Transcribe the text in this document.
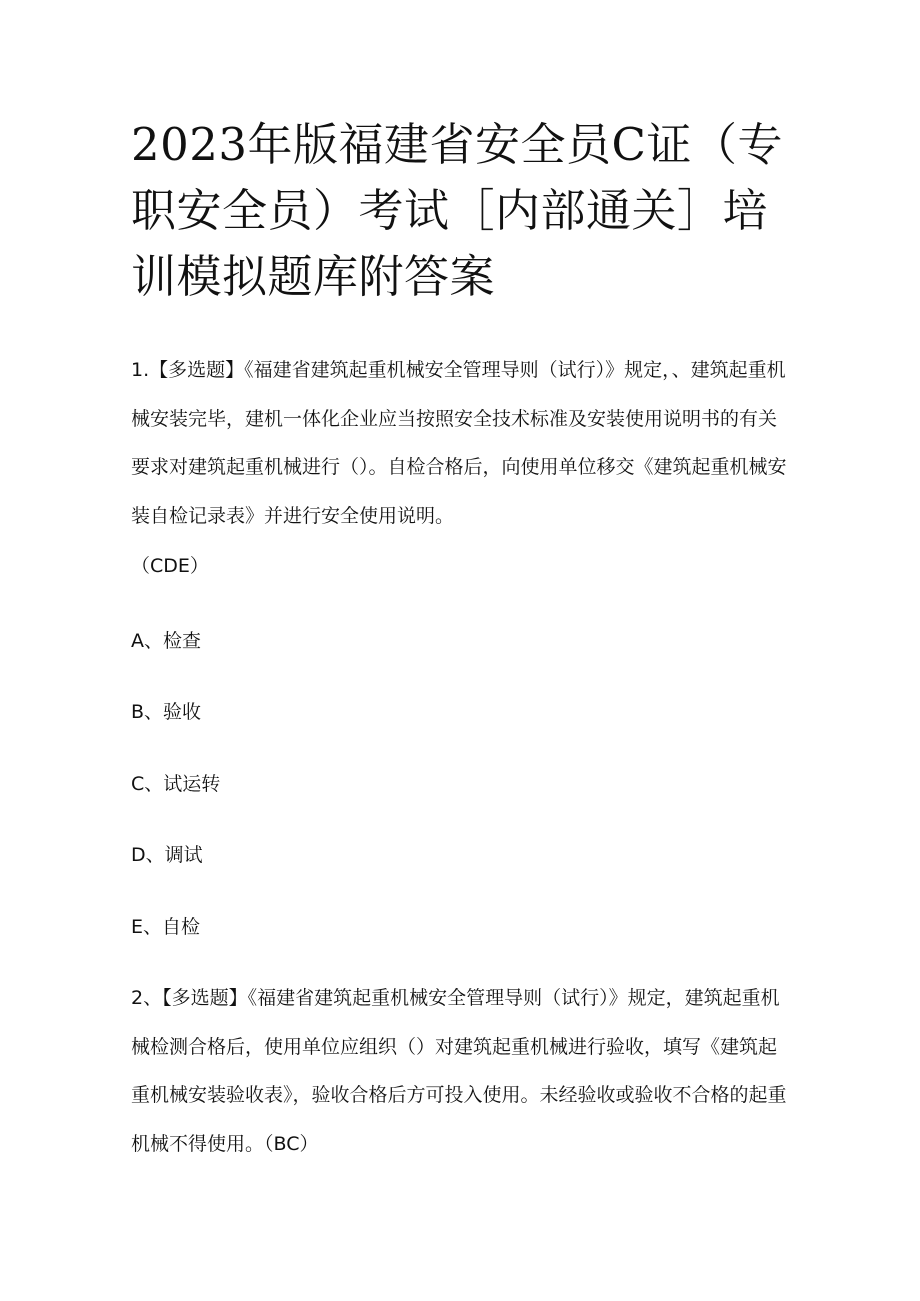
2023年版福建省安全员C证（专职安全员）考试［内部通关］培训模拟题库附答案

1.【多选题】《福建省建筑起重机械安全管理导则（试行）》规定，、建筑起重机械安装完毕，建机一体化企业应当按照安全技术标准及安装使用说明书的有关要求对建筑起重机械进行（）。自检合格后，向使用单位移交《建筑起重机械安装自检记录表》并进行安全使用说明。

（CDE）

A、检查

B、验收

C、试运转

D、调试

E、自检

2、【多选题】《福建省建筑起重机械安全管理导则（试行）》规定，建筑起重机械检测合格后，使用单位应组织（）对建筑起重机械进行验收，填写《建筑起重机械安装验收表》，验收合格后方可投入使用。未经验收或验收不合格的起重机械不得使用。（BC）
